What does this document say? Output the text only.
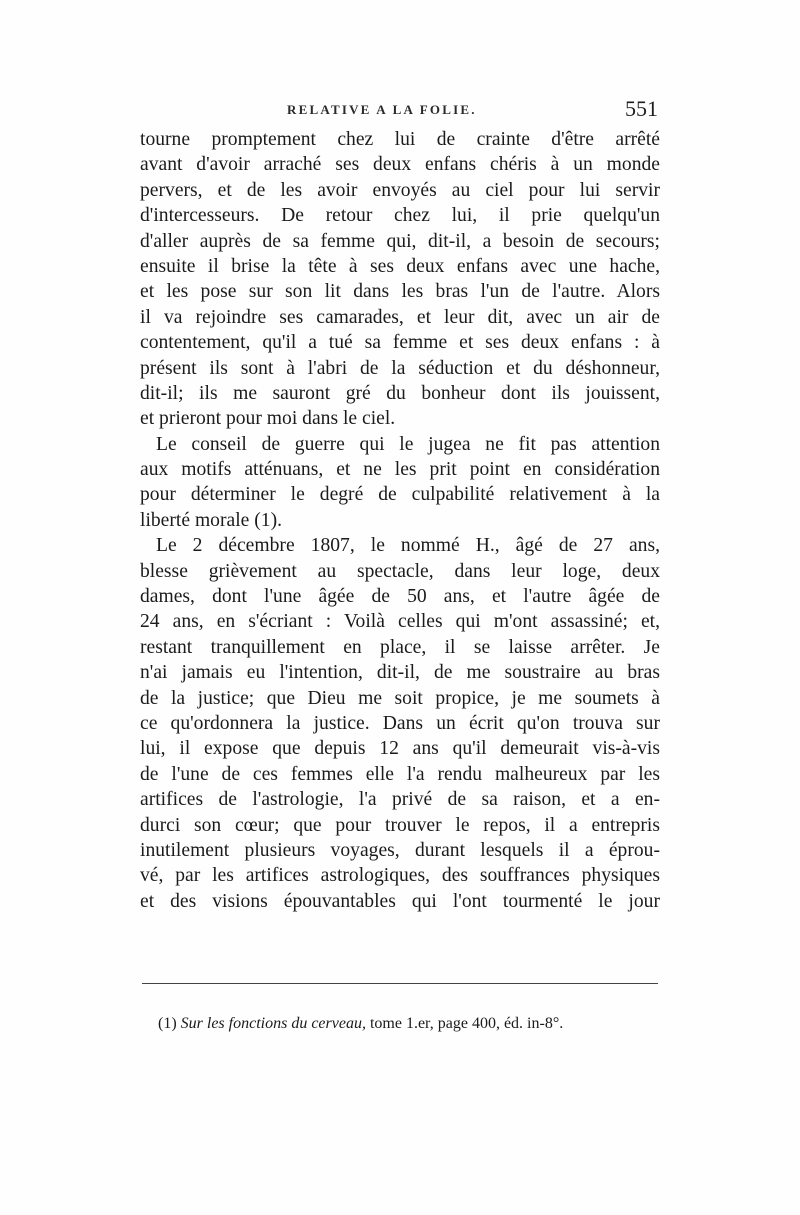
RELATIVE A LA FOLIE.	551
tourne promptement chez lui de crainte d'être arrêté
avant d'avoir arraché ses deux enfans chéris à un monde
pervers, et de les avoir envoyés au ciel pour lui servir
d'intercesseurs. De retour chez lui, il prie quelqu'un
d'aller auprès de sa femme qui, dit-il, a besoin de secours;
ensuite il brise la tête à ses deux enfans avec une hache,
et les pose sur son lit dans les bras l'un de l'autre. Alors
il va rejoindre ses camarades, et leur dit, avec un air de
contentement, qu'il a tué sa femme et ses deux enfans : à
présent ils sont à l'abri de la séduction et du déshonneur,
dit-il; ils me sauront gré du bonheur dont ils jouissent,
et prieront pour moi dans le ciel.
Le conseil de guerre qui le jugea ne fit pas attention
aux motifs atténuans, et ne les prit point en considération
pour déterminer le degré de culpabilité relativement à la
liberté morale (1).
Le 2 décembre 1807, le nommé H., âgé de 27 ans,
blesse grièvement au spectacle, dans leur loge, deux
dames, dont l'une âgée de 50 ans, et l'autre âgée de
24 ans, en s'écriant : Voilà celles qui m'ont assassiné; et,
restant tranquillement en place, il se laisse arrêter. Je
n'ai jamais eu l'intention, dit-il, de me soustraire au bras
de la justice; que Dieu me soit propice, je me soumets à
ce qu'ordonnera la justice. Dans un écrit qu'on trouva sur
lui, il expose que depuis 12 ans qu'il demeurait vis-à-vis
de l'une de ces femmes elle l'a rendu malheureux par les
artifices de l'astrologie, l'a privé de sa raison, et a en-
durci son cœur; que pour trouver le repos, il a entrepris
inutilement plusieurs voyages, durant lesquels il a éprou-
vé, par les artifices astrologiques, des souffrances physiques
et des visions épouvantables qui l'ont tourmenté le jour
(1) Sur les fonctions du cerveau, tome 1.er, page 400, éd. in-8°.
